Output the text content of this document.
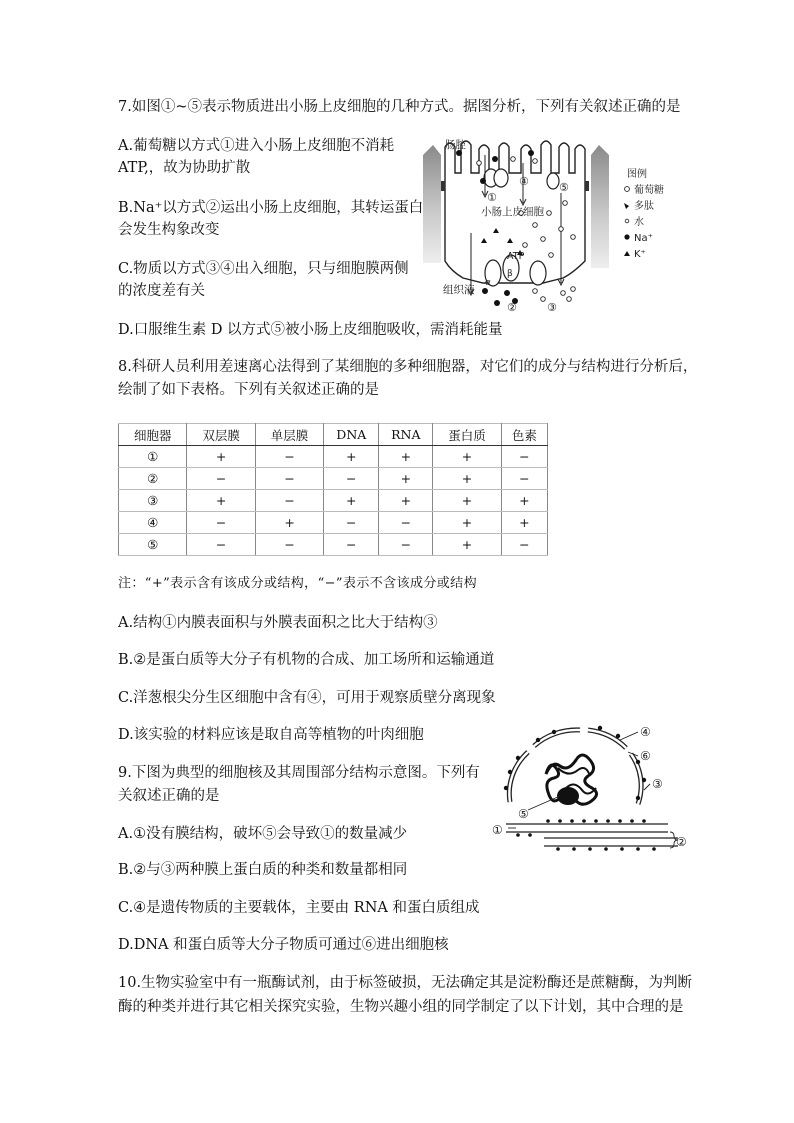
7.如图①~⑤表示物质进出小肠上皮细胞的几种方式。据图分析，下列有关叙述正确的是
A.葡萄糖以方式①进入小肠上皮细胞不消耗
ATP,，故为协助扩散
B.Na⁺以方式②运出小肠上皮细胞，其转运蛋白
会发生构象改变
C.物质以方式③④出入细胞，只与细胞膜两侧
的浓度差有关
D.口服维生素 D 以方式⑤被小肠上皮细胞吸收，需消耗能量
肠腔
小肠上皮细胞
组织液
ATP
α
β
①
④	⑤
②	③
图例
葡萄糖
多肽
水
Na⁺
K⁺
8.科研人员利用差速离心法得到了某细胞的多种细胞器，对它们的成分与结构进行分析后，
绘制了如下表格。下列有关叙述正确的是
细胞器	双层膜	单层膜	DNA	RNA	蛋白质	色素
①	+	−	+	+	+	−
②	−	−	−	+	+	−
③	+	−	+	+	+	+
④	−	+	−	−	+	+
⑤	−	−	−	−	+	−
注：“+”表示含有该成分或结构，“−”表示不含该成分或结构
A.结构①内膜表面积与外膜表面积之比大于结构③
B.②是蛋白质等大分子有机物的合成、加工场所和运输通道
C.洋葱根尖分生区细胞中含有④，可用于观察质壁分离现象
D.该实验的材料应该是取自高等植物的叶肉细胞
9.下图为典型的细胞核及其周围部分结构示意图。下列有
关叙述正确的是
A.①没有膜结构，破坏⑤会导致①的数量减少
B.②与③两种膜上蛋白质的种类和数量都相同
C.④是遗传物质的主要载体，主要由 RNA 和蛋白质组成
D.DNA 和蛋白质等大分子物质可通过⑥进出细胞核
④
⑥
③
⑤
①
②
10.生物实验室中有一瓶酶试剂，由于标签破损，无法确定其是淀粉酶还是蔗糖酶，为判断
酶的种类并进行其它相关探究实验，生物兴趣小组的同学制定了以下计划，其中合理的是
